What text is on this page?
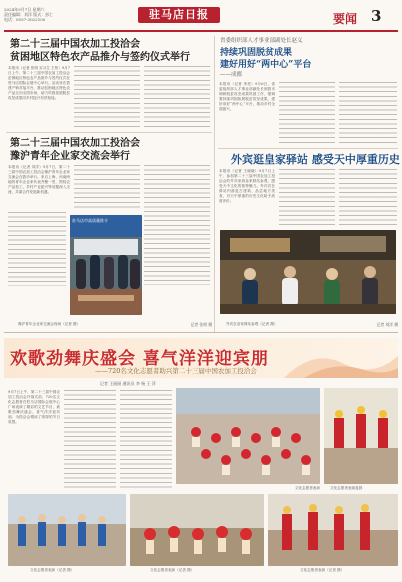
2024年9月7日 星期六
责任编辑：刘洋 版式：彭仁
电话：0557-3022100	驻马店日报	要闻 3
第二十三届中国农加工投洽会
贫困地区特色农产品推介与签约仪式举行
本报讯（记者 张明 实习生 王彤）9月7日上午，第二十三届中国农加工投洽会贫困地区特色农产品推介与签约仪式在驻马店国际会展中心举行。活动旨在搭建产销对接平台，推动贫困地区特色农产品走向全国市场，助力巩固拓展脱贫攻坚成果同乡村振兴有效衔接。
省委组织部人才事业部副处长赵义
持续巩固脱贫成果
建好用好“两中心”平台
——成都
本报讯（记者 李亮）9月6日，省委组织部人才事业部副处长到我市调研脱贫攻坚成果巩固工作，强调要持续巩固拓展脱贫攻坚成果，建好用好“两中心”平台，推动乡村全面振兴。
第二十三届中国农加工投洽会
豫沪青年企业家交流会举行
本报讯（记者 刘洋）9月7日，第二十三届中国农加工投洽会豫沪青年企业家交流会在我市举行。来自上海、河南两地的青年企业家代表齐聚一堂，围绕农产品加工、乡村产业振兴等话题深入交流，共谋合作发展新机遇。
驻马店市高质量推介
豫沪青年企业家交流会现场（记者 摄）	记者 张明 摄
外宾逛皇家驿站 感受天中厚重历史
本报讯（记者 王晓晓）9月7日上午，参加第二十三届中国农加工投洽会的外宾来到皇家驿站参观，感受天中文化的独特魅力。外宾们在驿站内游览古建筑、品尝地方美食，对天中厚重的历史文化给予高度评价。
外宾在皇家驿站参观（记者 摄）	记者 刘洋 摄
欢歌劲舞庆盛会 喜气洋洋迎宾朋
——720名文化志愿者助兴第二十三届中国农加工投洽会
记者 王丽丽 通讯员 李 杨 王 萍
9月7日上午，第二十三届中国农加工投洽会开幕式前，720名文化志愿者在驻马店国际会展中心广场表演了精彩的文艺节目，欢歌劲舞庆盛会，喜气洋洋迎宾朋，为投洽会增添了浓厚的节日氛围。
文化志愿者表演	文化志愿者表演盘鼓
文化志愿者表演（记者 摄）	文化志愿者表演（记者 摄）	文化志愿者表演（记者 摄）
